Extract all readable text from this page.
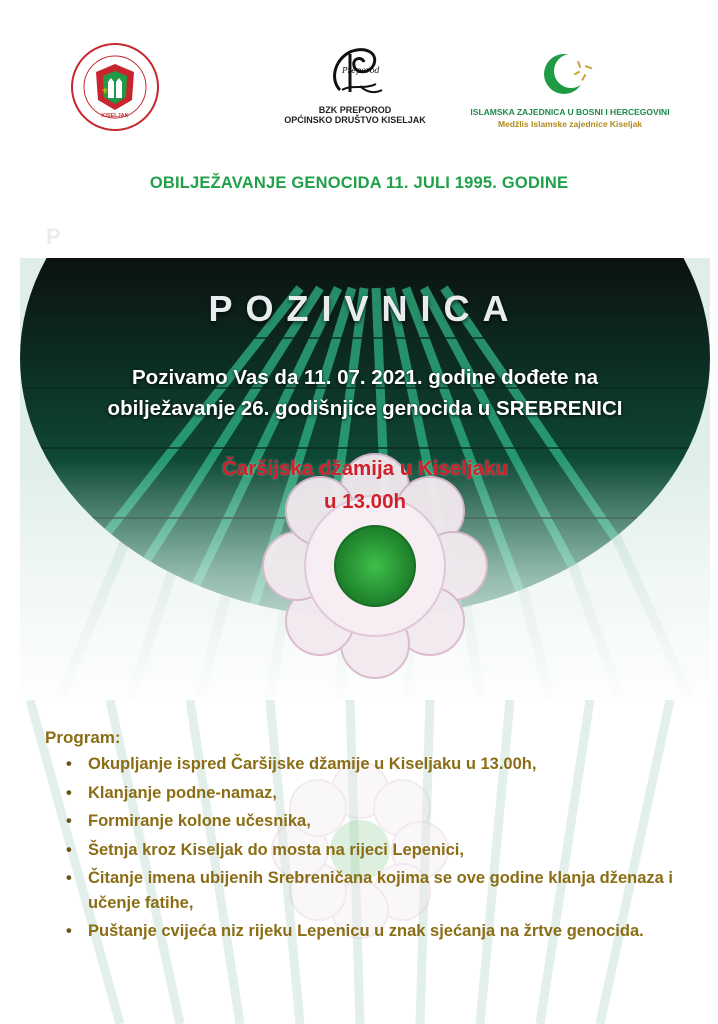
⚜
KISELJAK
Preporod
BZK PREPOROD
OPĆINSKO DRUŠTVO KISELJAK
ISLAMSKA ZAJEDNICA U BOSNI I HERCEGOVINI
Medžlis Islamske zajednice Kiseljak
OBILJEŽAVANJE GENOCIDA 11. JULI 1995. GODINE
P
POZIVNICA
Pozivamo Vas da 11. 07. 2021. godine dođete na
obilježavanje 26. godišnjice genocida u SREBRENICI
Čaršijska džamija u Kiseljaku
u 13.00h
Program:
• Okupljanje ispred Čaršijske džamije u Kiseljaku u 13.00h,
• Klanjanje podne-namaz,
• Formiranje kolone učesnika,
• Šetnja kroz Kiseljak do mosta na rijeci Lepenici,
• Čitanje imena ubijenih Srebreničana kojima se ove godine klanja dženaza i učenje fatihe,
• Puštanje cvijeća niz rijeku Lepenicu u znak sjećanja na žrtve genocida.
